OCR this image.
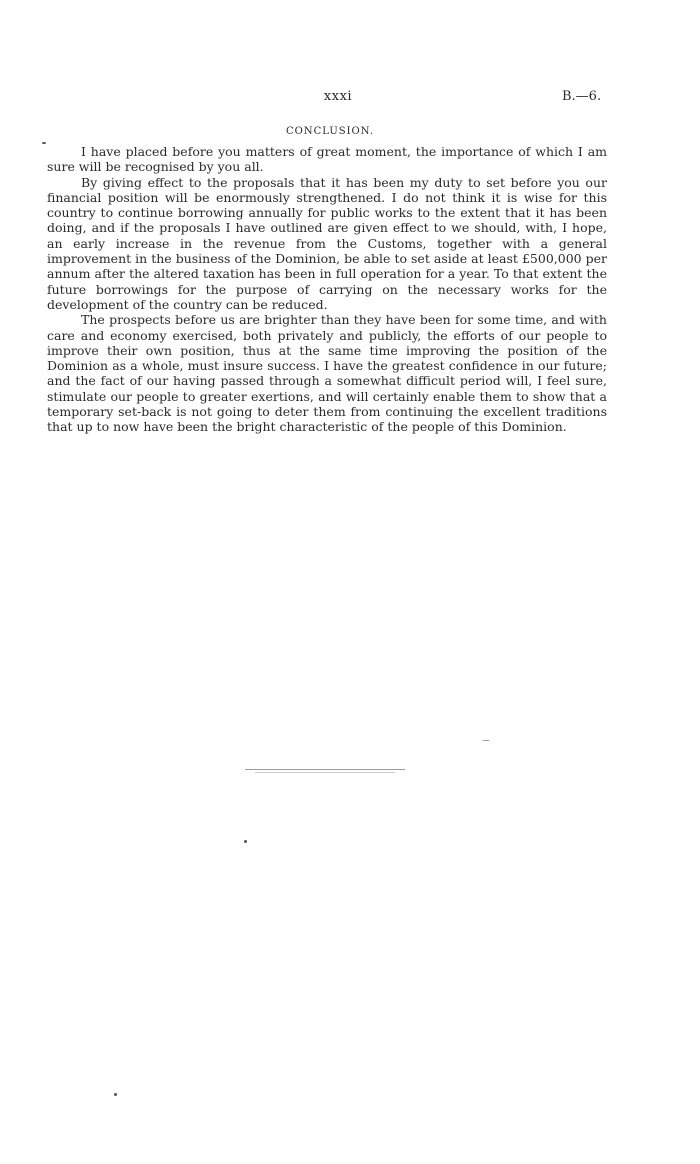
xxxi	B.—6.
CONCLUSION.

I have placed before you matters of great moment, the importance of which I am sure will be recognised by you all.

By giving effect to the proposals that it has been my duty to set before you our financial position will be enormously strengthened. I do not think it is wise for this country to continue borrowing annually for public works to the extent that it has been doing, and if the proposals I have outlined are given effect to we should, with, I hope, an early increase in the revenue from the Customs, together with a general improvement in the business of the Dominion, be able to set aside at least £500,000 per annum after the altered taxation has been in full operation for a year. To that extent the future borrowings for the purpose of carrying on the necessary works for the development of the country can be reduced.

The prospects before us are brighter than they have been for some time, and with care and economy exercised, both privately and publicly, the efforts of our people to improve their own position, thus at the same time improving the position of the Dominion as a whole, must insure success. I have the greatest confidence in our future; and the fact of our having passed through a somewhat difficult period will, I feel sure, stimulate our people to greater exertions, and will certainly enable them to show that a temporary set-back is not going to deter them from continuing the excellent traditions that up to now have been the bright characteristic of the people of this Dominion.
